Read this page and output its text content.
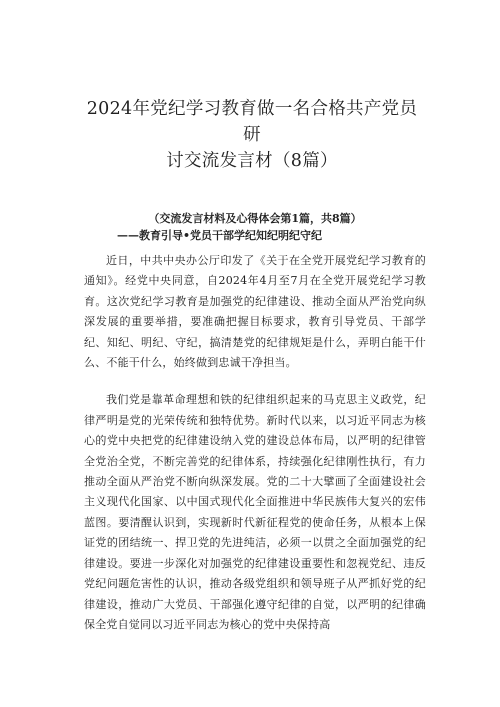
2024年党纪学习教育做一名合格共产党员研
讨交流发言材（8篇）
（交流发言材料及心得体会第1篇，共8篇）
——教育引导•党员干部学纪知纪明纪守纪

近日，中共中央办公厅印发了《关于在全党开展党纪学习教育的通知》。经党中央同意，自2024年4月至7月在全党开展党纪学习教育。这次党纪学习教育是加强党的纪律建设、推动全面从严治党向纵深发展的重要举措，要准确把握目标要求，教育引导党员、干部学纪、知纪、明纪、守纪，搞清楚党的纪律规矩是什么，弄明白能干什么、不能干什么，始终做到忠诚干净担当。

我们党是靠革命理想和铁的纪律组织起来的马克思主义政党，纪律严明是党的光荣传统和独特优势。新时代以来，以习近平同志为核心的党中央把党的纪律建设纳入党的建设总体布局，以严明的纪律管全党治全党，不断完善党的纪律体系，持续强化纪律刚性执行，有力推动全面从严治党不断向纵深发展。党的二十大擘画了全面建设社会主义现代化国家、以中国式现代化全面推进中华民族伟大复兴的宏伟蓝图。要清醒认识到，实现新时代新征程党的使命任务，从根本上保证党的团结统一、捍卫党的先进纯洁，必须一以贯之全面加强党的纪律建设。要进一步深化对加强党的纪律建设重要性和忽视党纪、违反党纪问题危害性的认识，推动各级党组织和领导班子从严抓好党的纪律建设，推动广大党员、干部强化遵守纪律的自觉，以严明的纪律确保全党自觉同以习近平同志为核心的党中央保持高
